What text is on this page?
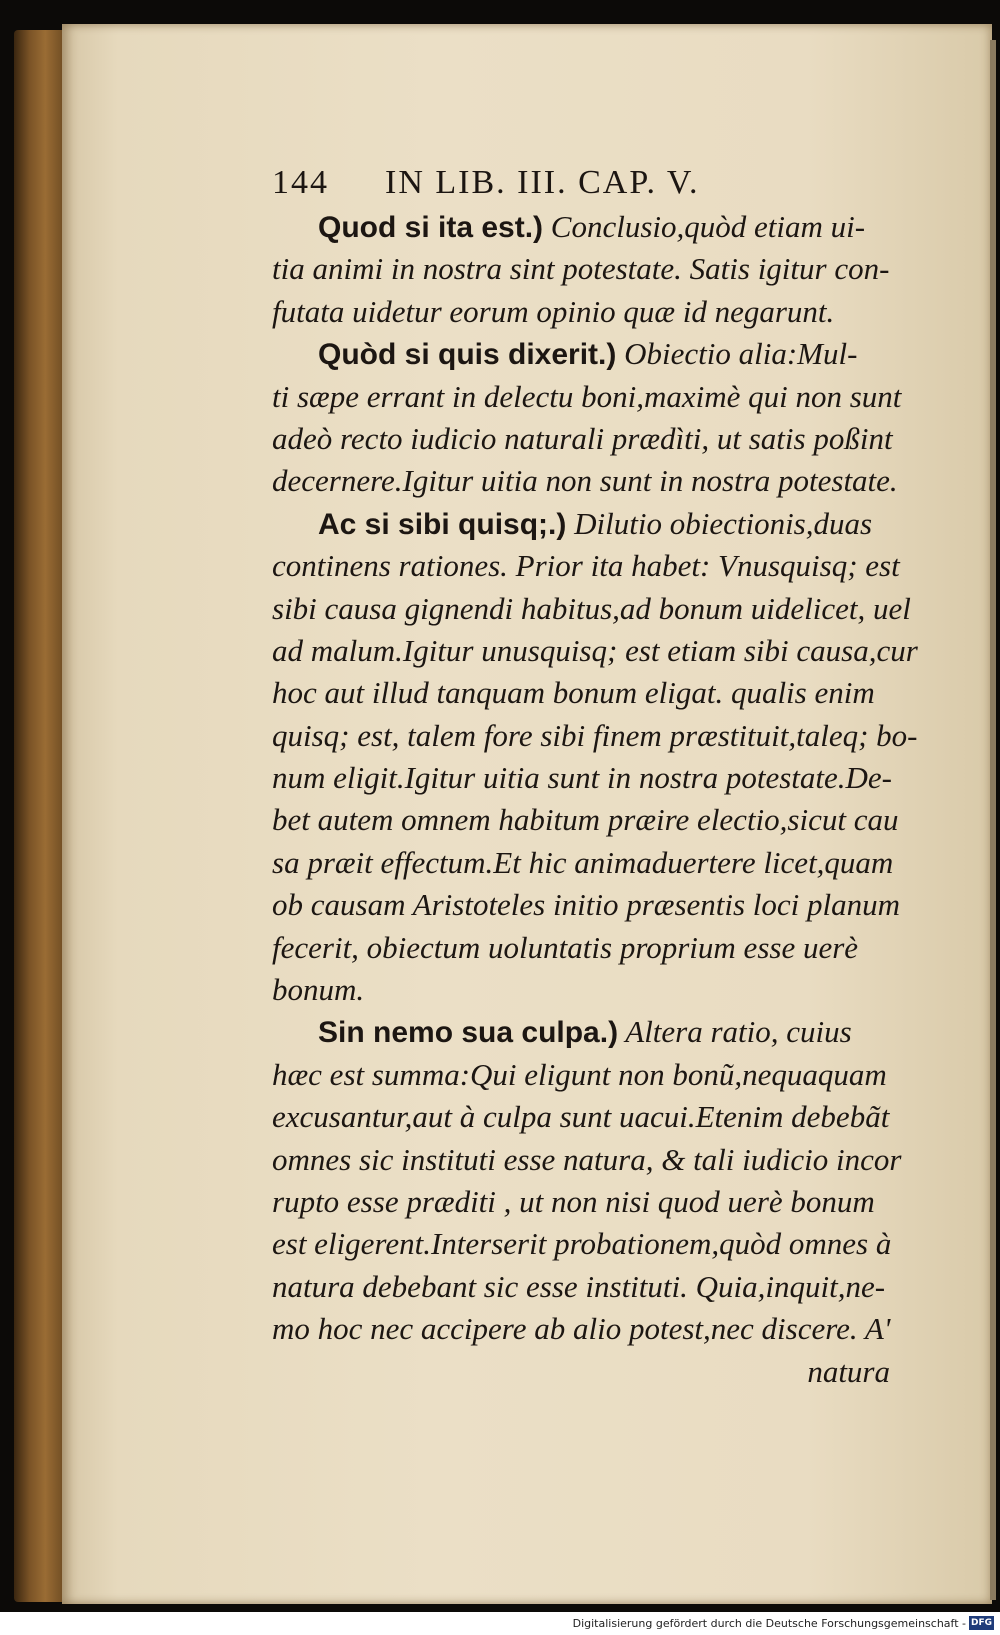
144 IN LIB. III. CAP. V.
Quod si ita est.) Conclusio,quòd etiam ui-
tia animi in nostra sint potestate. Satis igitur con-
futata uidetur eorum opinio quæ id negarunt.
Quòd si quis dixerit.) Obiectio alia:Mul-
ti sæpe errant in delectu boni,maximè qui non sunt
adeò recto iudicio naturali prædìti, ut satis poßint
decernere.Igitur uitia non sunt in nostra potestate.
Ac si sibi quisq;.) Dilutio obiectionis,duas
continens rationes. Prior ita habet: Vnusquisq; est
sibi causa gignendi habitus,ad bonum uidelicet, uel
ad malum.Igitur unusquisq; est etiam sibi causa,cur
hoc aut illud tanquam bonum eligat. qualis enim
quisq; est, talem fore sibi finem præstituit,taleq; bo-
num eligit.Igitur uitia sunt in nostra potestate.De-
bet autem omnem habitum præire electio,sicut cau
sa præit effectum.Et hic animaduertere licet,quam
ob causam Aristoteles initio præsentis loci planum
fecerit, obiectum uoluntatis proprium esse uerè
bonum.
Sin nemo sua culpa.) Altera ratio, cuius
hæc est summa:Qui eligunt non bonũ,nequaquam
excusantur,aut à culpa sunt uacui.Etenim debebãt
omnes sic instituti esse natura, & tali iudicio incor
rupto esse præditi , ut non nisi quod uerè bonum
est eligerent.Interserit probationem,quòd omnes à
natura debebant sic esse instituti. Quia,inquit,ne-
mo hoc nec accipere ab alio potest,nec discere. A'
natura
Digitalisierung gefördert durch die Deutsche Forschungsgemeinschaft - DFG
